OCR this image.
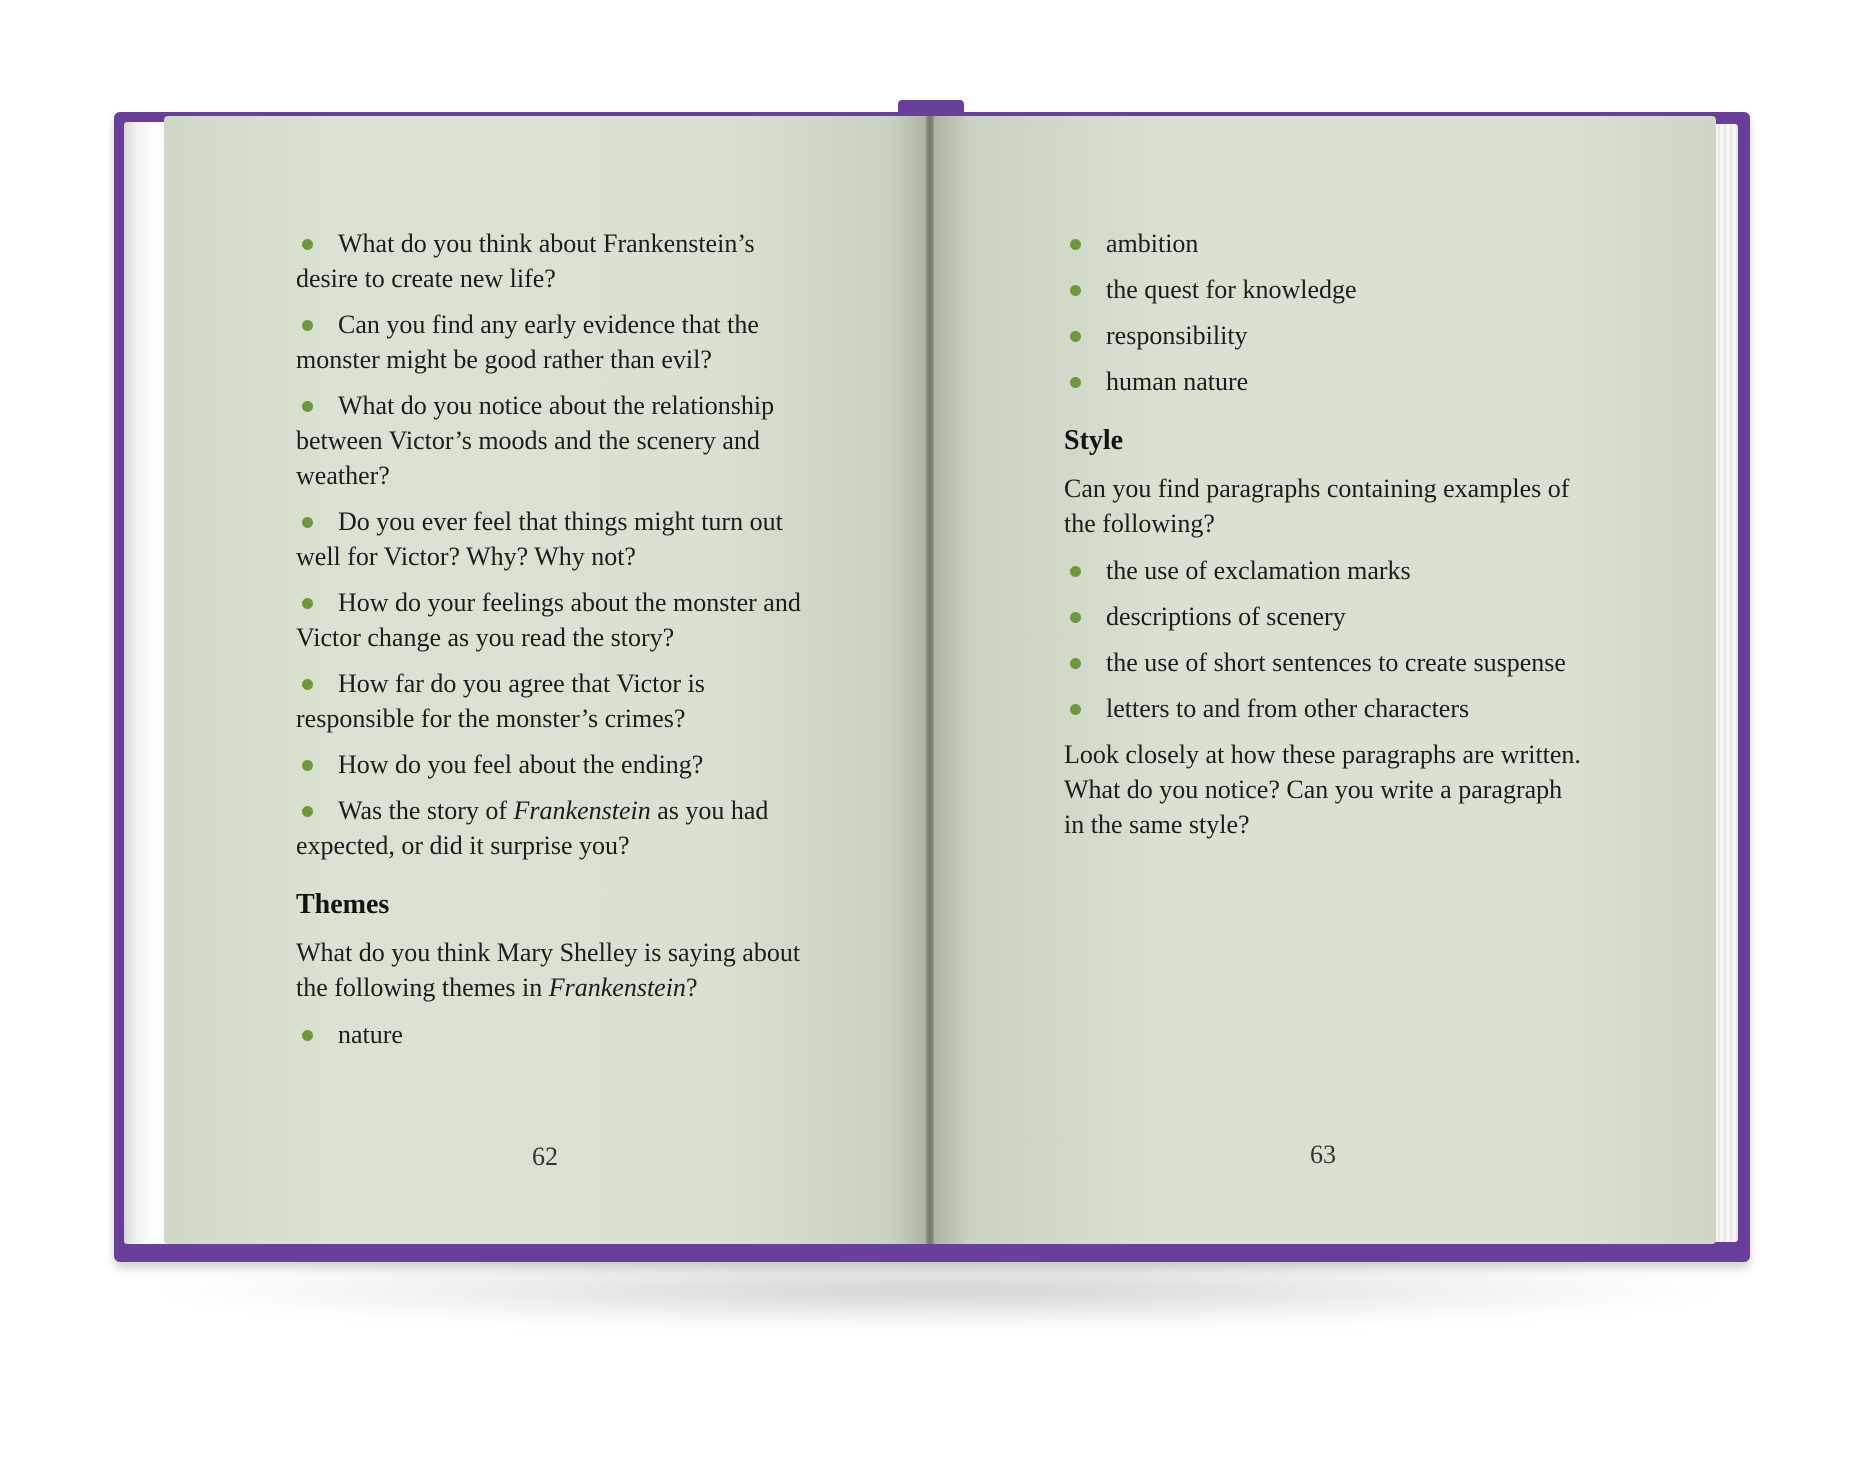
What do you think about Frankenstein’s desire to create new life?
Can you find any early evidence that the monster might be good rather than evil?
What do you notice about the relationship between Victor’s moods and the scenery and weather?
Do you ever feel that things might turn out well for Victor? Why? Why not?
How do your feelings about the monster and Victor change as you read the story?
How far do you agree that Victor is responsible for the monster’s crimes?
How do you feel about the ending?
Was the story of Frankenstein as you had expected, or did it surprise you?
Themes
What do you think Mary Shelley is saying about the following themes in Frankenstein?
nature
62
ambition
the quest for knowledge
responsibility
human nature
Style
Can you find paragraphs containing examples of the following?
the use of exclamation marks
descriptions of scenery
the use of short sentences to create suspense
letters to and from other characters
Look closely at how these paragraphs are written. What do you notice? Can you write a paragraph in the same style?
63
